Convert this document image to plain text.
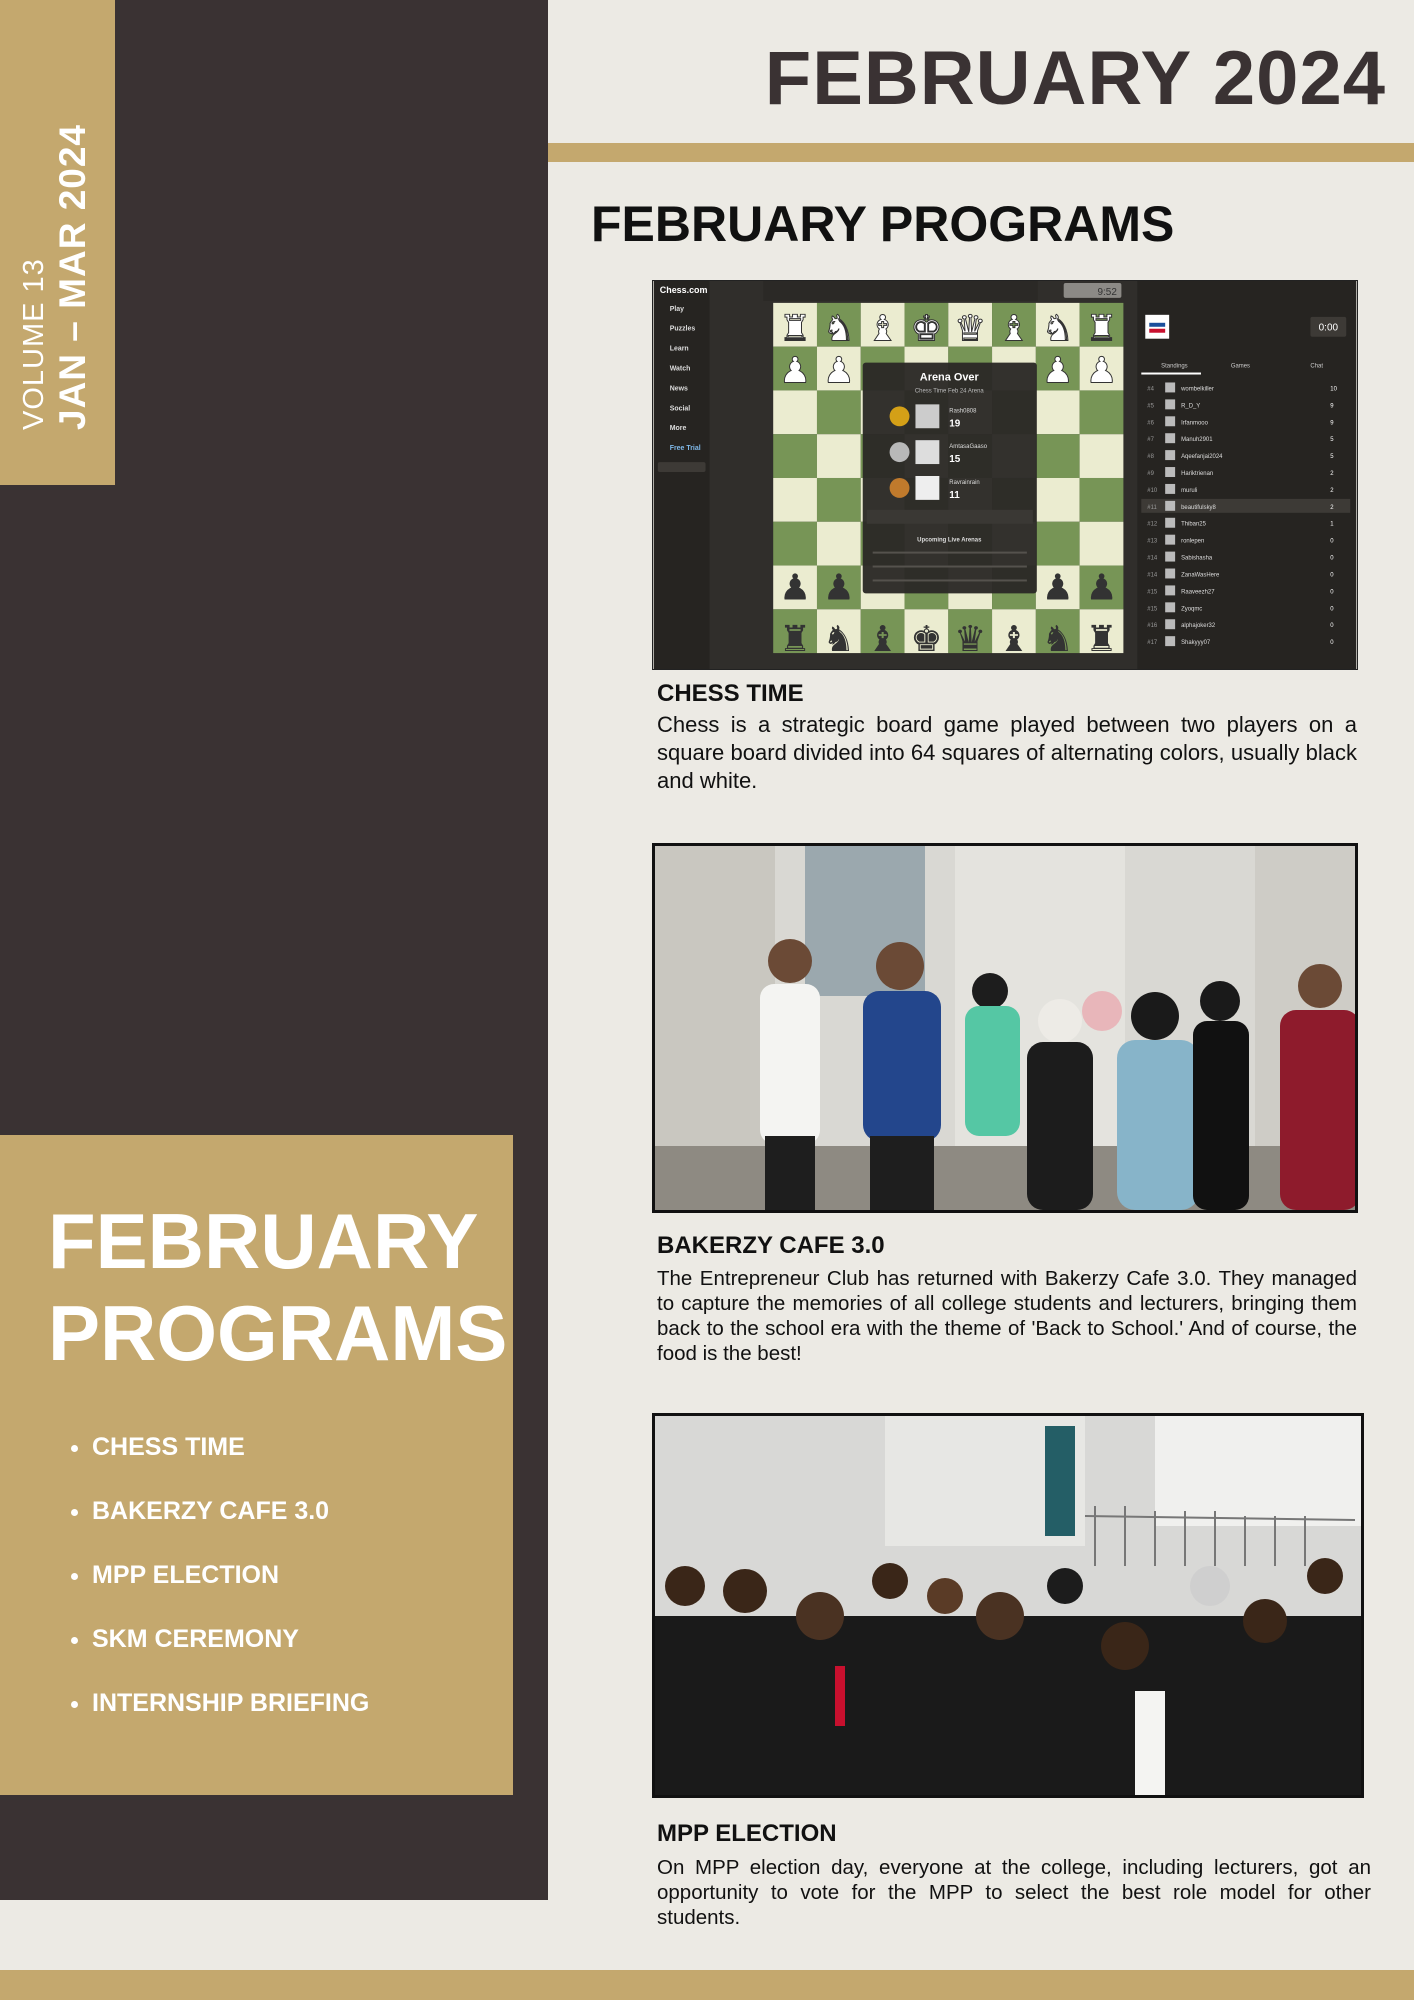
VOLUME 13 JAN – MAR 2024
FEBRUARY
PROGRAMS
• CHESS TIME
• BAKERZY CAFE 3.0
• MPP ELECTION
• SKM CEREMONY
• INTERNSHIP BRIEFING
FEBRUARY 2024
FEBRUARY PROGRAMS
Chess.com
Play
Puzzles
Learn
Watch
News
Social
More
Free Trial
9:52
♜ ♞ ♝ ♚ ♛ ♝ ♞ ♜
♟ ♟	♟ ♟
♟ ♟	♟ ♟
♜ ♞ ♝ ♚ ♛ ♝ ♞ ♜
Arena Over
Chess Time Feb 24 Arena
Rash0808
19
AmtasaGaaso
15
Ravrainrain
11
Upcoming Live Arenas
0:00
Standings	Games	Chat
#4	wombelkiller	10
#5	R_D_Y	9
#6	Irfanmooo	9
#7	Manuh2901	5
#8	Aqeefanjai2024	5
#9	Hariktrienan	2
#10	muruli	2
#11	beautifulsky8	2
#12	Thiban25	1
#13	ronlepen	0
#14	Sabishasha	0
#14	ZanaWasHere	0
#15	Raaveezh27	0
#15	Zyoqmc	0
#16	alphajoker32	0
#17	Shakyyy07	0
CHESS TIME

Chess is a strategic board game played between two players on a square board divided into 64 squares of alternating colors, usually black and white.

BAKERZY CAFE 3.0

The Entrepreneur Club has returned with Bakerzy Cafe 3.0. They managed to capture the memories of all college students and lecturers, bringing them back to the school era with the theme of 'Back to School.' And of course, the food is the best!

MPP ELECTION

On MPP election day, everyone at the college, including lecturers, got an opportunity to vote for the MPP to select the best role model for other students.
